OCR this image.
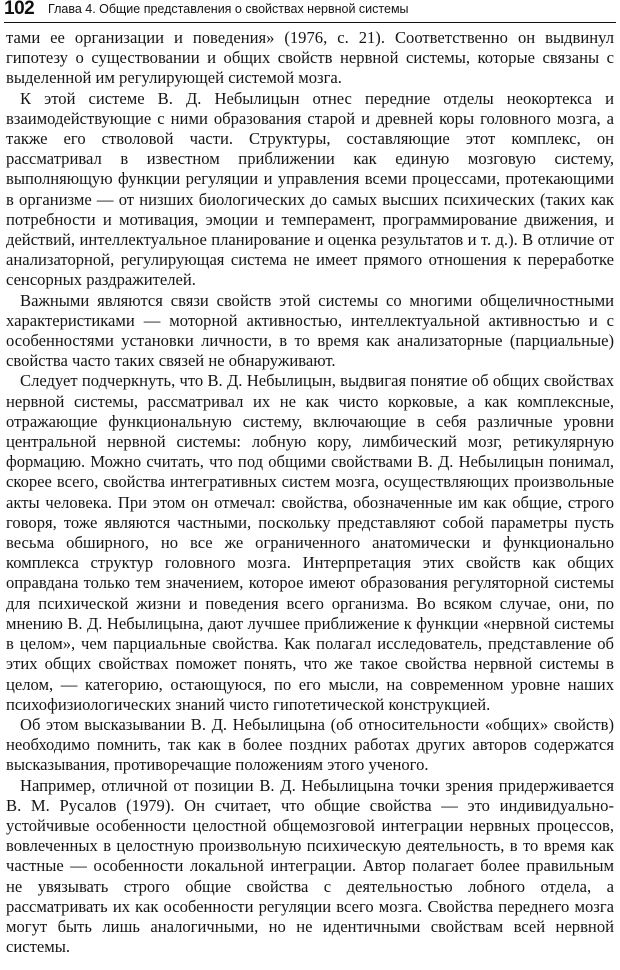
102 Глава 4. Общие представления о свойствах нервной системы

тами ее организации и поведения» (1976, с. 21). Соответственно он выдвинул гипотезу о существовании и общих свойств нервной системы, которые связаны с выделенной им регулирующей системой мозга.

К этой системе В. Д. Небылицын отнес передние отделы неокортекса и взаимодействующие с ними образования старой и древней коры головного мозга, а также его стволовой части. Структуры, составляющие этот комплекс, он рассматривал в известном приближении как единую мозговую систему, выполняющую функции регуляции и управления всеми процессами, протекающими в организме — от низших биологических до самых высших психических (таких как потребности и мотивация, эмоции и темперамент, программирование движения, и действий, интеллектуальное планирование и оценка результатов и т. д.). В отличие от анализаторной, регулирующая система не имеет прямого отношения к переработке сенсорных раздражителей.

Важными являются связи свойств этой системы со многими общеличностными характеристиками — моторной активностью, интеллектуальной активностью и с особенностями установки личности, в то время как анализаторные (парциальные) свойства часто таких связей не обнаруживают.

Следует подчеркнуть, что В. Д. Небылицын, выдвигая понятие об общих свойствах нервной системы, рассматривал их не как чисто корковые, а как комплексные, отражающие функциональную систему, включающие в себя различные уровни центральной нервной системы: лобную кору, лимбический мозг, ретикулярную формацию. Можно считать, что под общими свойствами В. Д. Небылицын понимал, скорее всего, свойства интегративных систем мозга, осуществляющих произвольные акты человека. При этом он отмечал: свойства, обозначенные им как общие, строго говоря, тоже являются частными, поскольку представляют собой параметры пусть весьма обширного, но все же ограниченного анатомически и функционально комплекса структур головного мозга. Интерпретация этих свойств как общих оправдана только тем значением, которое имеют образования регуляторной системы для психической жизни и поведения всего организма. Во всяком случае, они, по мнению В. Д. Небылицына, дают лучшее приближение к функции «нервной системы в целом», чем парциальные свойства. Как полагал исследователь, представление об этих общих свойствах поможет понять, что же такое свойства нервной системы в целом, — категорию, остающуюся, по его мысли, на современном уровне наших психофизиологических знаний чисто гипотетической конструкцией.

Об этом высказывании В. Д. Небылицына (об относительности «общих» свойств) необходимо помнить, так как в более поздних работах других авторов содержатся высказывания, противоречащие положениям этого ученого.

Например, отличной от позиции В. Д. Небылицына точки зрения придерживается В. М. Русалов (1979). Он считает, что общие свойства — это индивидуально-устойчивые особенности целостной общемозговой интеграции нервных процессов, вовлеченных в целостную произвольную психическую деятельность, в то время как частные — особенности локальной интеграции. Автор полагает более правильным не увязывать строго общие свойства с деятельностью лобного отдела, а рассматривать их как особенности регуляции всего мозга. Свойства переднего мозга могут быть лишь аналогичными, но не идентичными свойствам всей нервной системы.
